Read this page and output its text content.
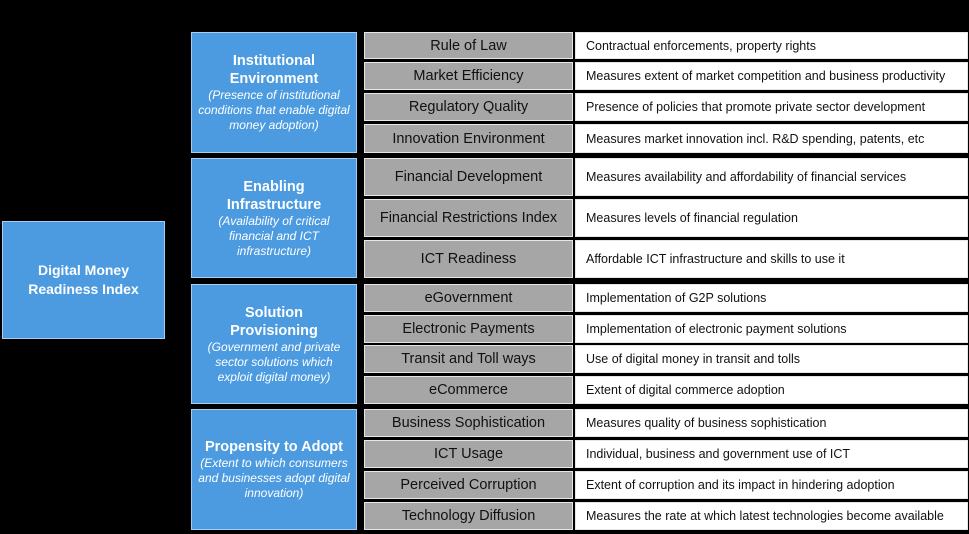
Digital Money Readiness Index
Institutional Environment
(Presence of institutional conditions that enable digital money adoption)
Enabling Infrastructure
(Availability of critical financial and ICT infrastructure)
Solution Provisioning
(Government and private sector solutions which exploit digital money)
Propensity to Adopt
(Extent to which consumers and businesses adopt digital innovation)
Rule of Law
Market Efficiency
Regulatory Quality
Innovation Environment
Financial Development
Financial Restrictions Index
ICT Readiness
eGovernment
Electronic Payments
Transit and Toll ways
eCommerce
Business Sophistication
ICT Usage
Perceived Corruption
Technology Diffusion
Contractual enforcements, property rights
Measures extent of market competition and business productivity
Presence of policies that promote private sector development
Measures market innovation incl. R&D spending, patents, etc
Measures availability and affordability of financial services
Measures levels of financial regulation
Affordable ICT infrastructure and skills to use it
Implementation of G2P solutions
Implementation of electronic payment solutions
Use of digital money in transit and tolls
Extent of digital commerce adoption
Measures quality of business sophistication
Individual, business and government use of ICT
Extent of corruption and its impact in hindering adoption
Measures the rate at which latest technologies become available
